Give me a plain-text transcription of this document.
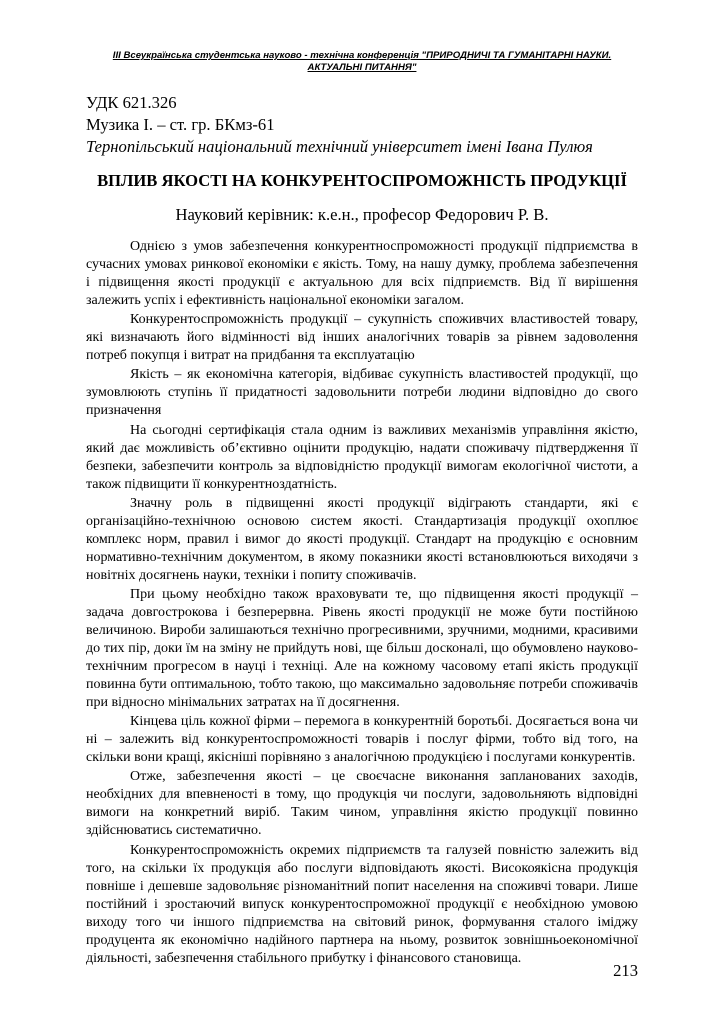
ІІІ Всеукраїнська студентська науково - технічна конференція "ПРИРОДНИЧІ ТА ГУМАНІТАРНІ НАУКИ.
АКТУАЛЬНІ ПИТАННЯ"
УДК 621.326
Музика І. – ст. гр. БКмз-61
Тернопільський національний технічний університет імені Івана Пулюя
ВПЛИВ ЯКОСТІ НА КОНКУРЕНТОСПРОМОЖНІСТЬ ПРОДУКЦІЇ
Науковий керівник: к.е.н., професор Федорович Р. В.

Однією з умов забезпечення конкурентноспроможності продукції підприємства в сучасних умовах ринкової економіки є якість. Тому, на нашу думку, проблема забезпечення і підвищення якості продукції є актуальною для всіх підприємств. Від її вирішення залежить успіх і ефективність національної економіки загалом.

Конкурентоспроможність продукції – сукупність споживчих властивостей товару, які визначають його відмінності від інших аналогічних товарів за рівнем задоволення потреб покупця і витрат на придбання та експлуатацію

Якість – як економічна категорія, відбиває сукупність властивостей продукції, що зумовлюють ступінь її придатності задовольнити потреби людини відповідно до свого призначення

На сьогодні сертифікація стала одним із важливих механізмів управління якістю, який дає можливість об’єктивно оцінити продукцію, надати споживачу підтвердження її безпеки, забезпечити контроль за відповідністю продукції вимогам екологічної чистоти, а також підвищити її конкурентноздатність.

Значну роль в підвищенні якості продукції відіграють стандарти, які є організаційно-технічною основою систем якості. Стандартизація продукції охоплює комплекс норм, правил і вимог до якості продукції. Стандарт на продукцію є основним нормативно-технічним документом, в якому показники якості встановлюються виходячи з новітніх досягнень науки, техніки і попиту споживачів.

При цьому необхідно також враховувати те, що підвищення якості продукції – задача довгострокова і безперервна. Рівень якості продукції не може бути постійною величиною. Вироби залишаються технічно прогресивними, зручними, модними, красивими до тих пір, доки їм на зміну не прийдуть нові, ще більш досконалі, що обумовлено науково-технічним прогресом в науці і техніці. Але на кожному часовому етапі якість продукції повинна бути оптимальною, тобто такою, що максимально задовольняє потреби споживачів при відносно мінімальних затратах на її досягнення.

Кінцева ціль кожної фірми – перемога в конкурентній боротьбі. Досягається вона чи ні – залежить від конкурентоспроможності товарів і послуг фірми, тобто від того, на скільки вони кращі, якісніші порівняно з аналогічною продукцією і послугами конкурентів.

Отже, забезпечення якості – це своєчасне виконання запланованих заходів, необхідних для впевненості в тому, що продукція чи послуги, задовольняють відповідні вимоги на конкретний виріб. Таким чином, управління якістю продукції повинно здійснюватись систематично.

Конкурентоспроможність окремих підприємств та галузей повністю залежить від того, на скільки їх продукція або послуги відповідають якості. Високоякісна продукція повніше і дешевше задовольняє різноманітний попит населення на споживчі товари. Лише постійний і зростаючий випуск конкурентоспроможної продукції є необхідною умовою виходу того чи іншого підприємства на світовий ринок, формування сталого іміджу продуцента як економічно надійного партнера на ньому, розвиток зовнішньоекономічної діяльності, забезпечення стабільного прибутку і фінансового становища.

213
